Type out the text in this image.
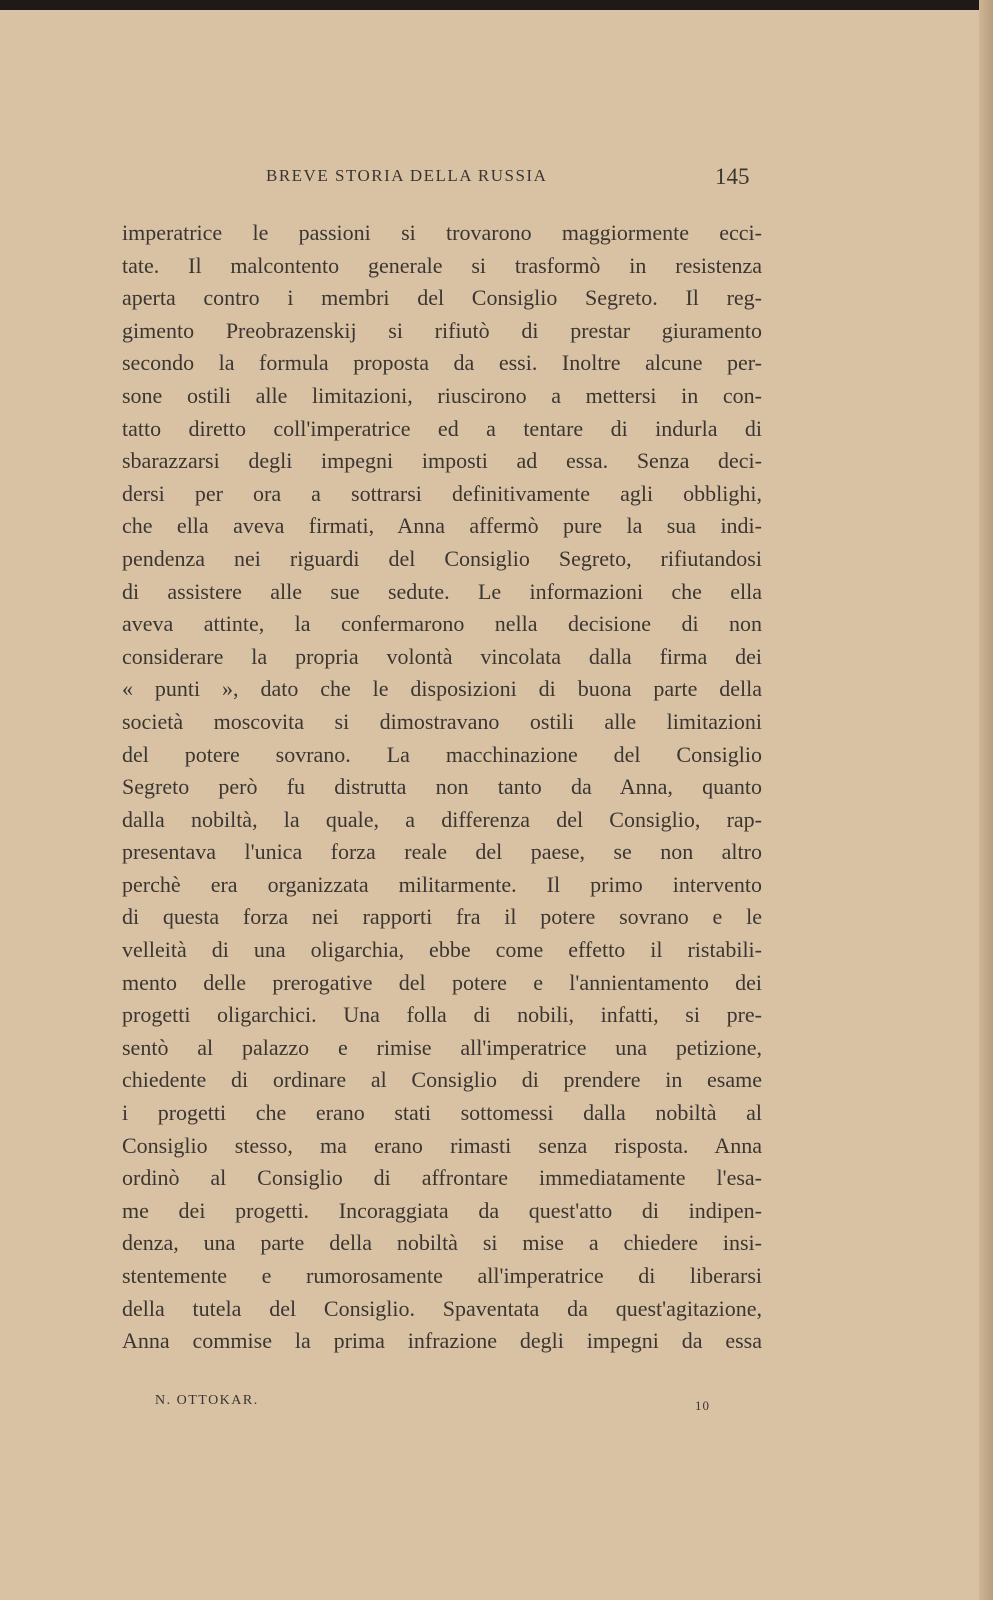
BREVE STORIA DELLA RUSSIA	145
imperatrice le passioni si trovarono maggiormente ecci-
tate. Il malcontento generale si trasformò in resistenza
aperta contro i membri del Consiglio Segreto. Il reg-
gimento Preobrazenskij si rifiutò di prestar giuramento
secondo la formula proposta da essi. Inoltre alcune per-
sone ostili alle limitazioni, riuscirono a mettersi in con-
tatto diretto coll'imperatrice ed a tentare di indurla di
sbarazzarsi degli impegni imposti ad essa. Senza deci-
dersi per ora a sottrarsi definitivamente agli obblighi,
che ella aveva firmati, Anna affermò pure la sua indi-
pendenza nei riguardi del Consiglio Segreto, rifiutandosi
di assistere alle sue sedute. Le informazioni che ella
aveva attinte, la confermarono nella decisione di non
considerare la propria volontà vincolata dalla firma dei
« punti », dato che le disposizioni di buona parte della
società moscovita si dimostravano ostili alle limitazioni
del potere sovrano. La macchinazione del Consiglio
Segreto però fu distrutta non tanto da Anna, quanto
dalla nobiltà, la quale, a differenza del Consiglio, rap-
presentava l'unica forza reale del paese, se non altro
perchè era organizzata militarmente. Il primo intervento
di questa forza nei rapporti fra il potere sovrano e le
velleità di una oligarchia, ebbe come effetto il ristabili-
mento delle prerogative del potere e l'annientamento dei
progetti oligarchici. Una folla di nobili, infatti, si pre-
sentò al palazzo e rimise all'imperatrice una petizione,
chiedente di ordinare al Consiglio di prendere in esame
i progetti che erano stati sottomessi dalla nobiltà al
Consiglio stesso, ma erano rimasti senza risposta. Anna
ordinò al Consiglio di affrontare immediatamente l'esa-
me dei progetti. Incoraggiata da quest'atto di indipen-
denza, una parte della nobiltà si mise a chiedere insi-
stentemente e rumorosamente all'imperatrice di liberarsi
della tutela del Consiglio. Spaventata da quest'agitazione,
Anna commise la prima infrazione degli impegni da essa
N. OTTOKAR.	10
